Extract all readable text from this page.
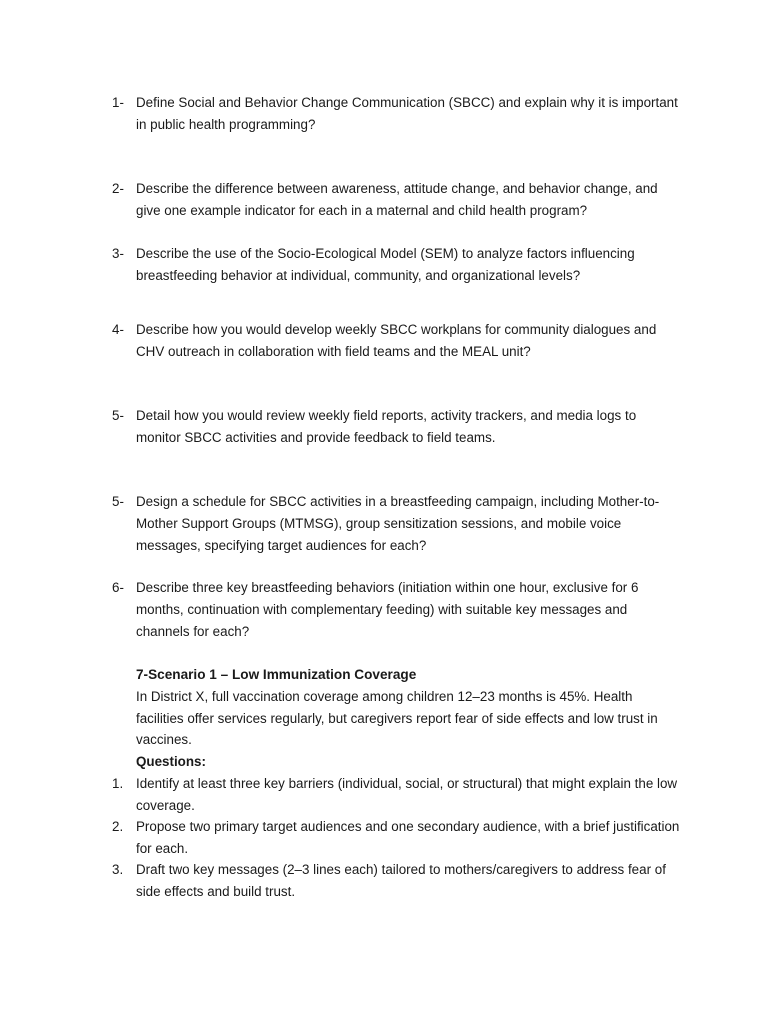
1- Define Social and Behavior Change Communication (SBCC) and explain why it is important in public health programming?
2- Describe the difference between awareness, attitude change, and behavior change, and give one example indicator for each in a maternal and child health program?
3- Describe the use of the Socio-Ecological Model (SEM) to analyze factors influencing breastfeeding behavior at individual, community, and organizational levels?
4- Describe how you would develop weekly SBCC workplans for community dialogues and CHV outreach in collaboration with field teams and the MEAL unit?
5- Detail how you would review weekly field reports, activity trackers, and media logs to monitor SBCC activities and provide feedback to field teams.
5- Design a schedule for SBCC activities in a breastfeeding campaign, including Mother-to-Mother Support Groups (MTMSG), group sensitization sessions, and mobile voice messages, specifying target audiences for each?
6- Describe three key breastfeeding behaviors (initiation within one hour, exclusive for 6 months, continuation with complementary feeding) with suitable key messages and channels for each?

7-Scenario 1 – Low Immunization Coverage

In District X, full vaccination coverage among children 12–23 months is 45%. Health facilities offer services regularly, but caregivers report fear of side effects and low trust in vaccines.

Questions:

1. Identify at least three key barriers (individual, social, or structural) that might explain the low coverage.
2. Propose two primary target audiences and one secondary audience, with a brief justification for each.
3. Draft two key messages (2–3 lines each) tailored to mothers/caregivers to address fear of side effects and build trust.
